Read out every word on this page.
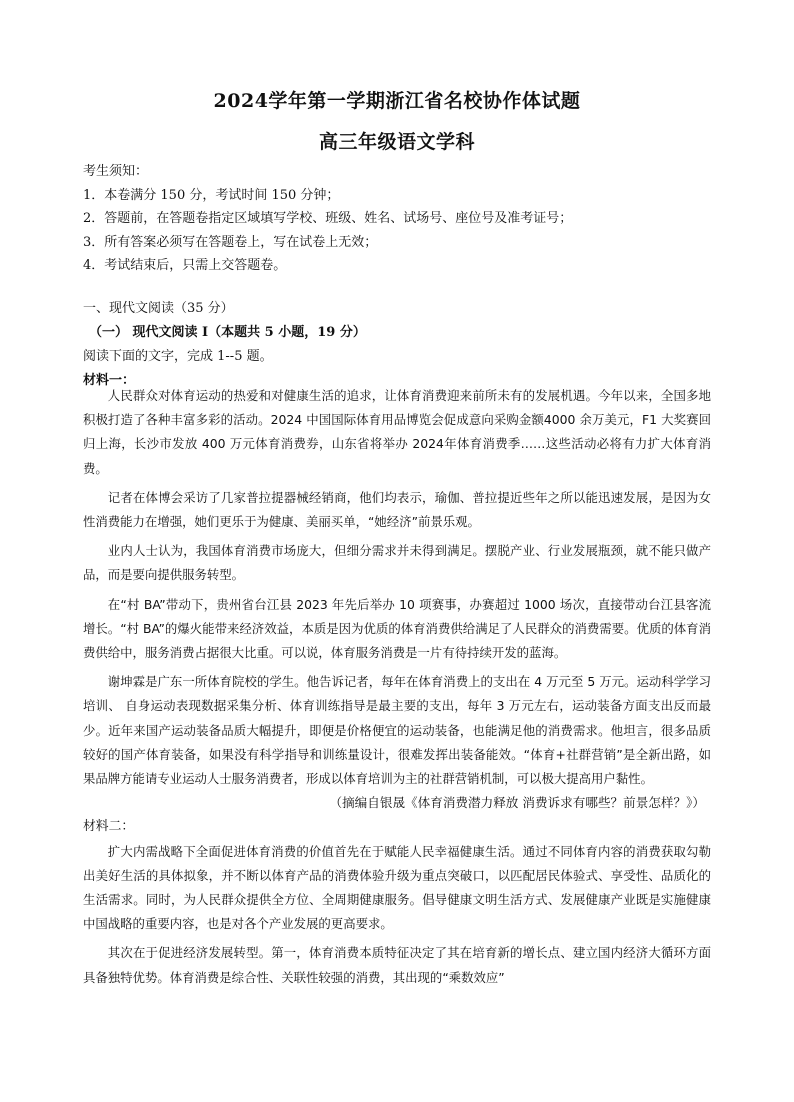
2024学年第一学期浙江省名校协作体试题
高三年级语文学科
考生须知：
1．本卷满分 150 分，考试时间 150 分钟；
2．答题前，在答题卷指定区域填写学校、班级、姓名、试场号、座位号及准考证号；
3．所有答案必须写在答题卷上，写在试卷上无效；
4．考试结束后，只需上交答题卷。
一、现代文阅读（35 分）
（一） 现代文阅读 Ⅰ（本题共 5 小题，19 分）
阅读下面的文字，完成 1--5 题。
材料一：

人民群众对体育运动的热爱和对健康生活的追求，让体育消费迎来前所未有的发展机遇。今年以来，全国多地积极打造了各种丰富多彩的活动。2024 中国国际体育用品博览会促成意向采购金额4000 余万美元，F1 大奖赛回归上海，长沙市发放 400 万元体育消费券，山东省将举办 2024年体育消费季……这些活动必将有力扩大体育消费。

记者在体博会采访了几家普拉提器械经销商，他们均表示，瑜伽、普拉提近些年之所以能迅速发展，是因为女性消费能力在增强，她们更乐于为健康、美丽买单，“她经济”前景乐观。

业内人士认为，我国体育消费市场庞大，但细分需求并未得到满足。摆脱产业、行业发展瓶颈，就不能只做产品，而是要向提供服务转型。

在“村 BA”带动下，贵州省台江县 2023 年先后举办 10 项赛事，办赛超过 1000 场次，直接带动台江县客流增长。“村 BA”的爆火能带来经济效益，本质是因为优质的体育消费供给满足了人民群众的消费需要。优质的体育消费供给中，服务消费占据很大比重。可以说，体育服务消费是一片有待持续开发的蓝海。

谢坤霖是广东一所体育院校的学生。他告诉记者，每年在体育消费上的支出在 4 万元至 5 万元。运动科学学习培训、 自身运动表现数据采集分析、体育训练指导是最主要的支出，每年 3 万元左右，运动装备方面支出反而最少。近年来国产运动装备品质大幅提升，即便是价格便宜的运动装备，也能满足他的消费需求。他坦言，很多品质较好的国产体育装备，如果没有科学指导和训练量设计，很难发挥出装备能效。“体育+社群营销”是全新出路，如果品牌方能请专业运动人士服务消费者，形成以体育培训为主的社群营销机制，可以极大提高用户黏性。

（摘编自银晟《体育消费潜力释放 消费诉求有哪些？前景怎样？》）

材料二：

扩大内需战略下全面促进体育消费的价值首先在于赋能人民幸福健康生活。通过不同体育内容的消费获取勾勒出美好生活的具体拟象，并不断以体育产品的消费体验升级为重点突破口，以匹配居民体验式、享受性、品质化的生活需求。同时，为人民群众提供全方位、全周期健康服务。倡导健康文明生活方式、发展健康产业既是实施健康中国战略的重要内容，也是对各个产业发展的更高要求。

其次在于促进经济发展转型。第一，体育消费本质特征决定了其在培育新的增长点、建立国内经济大循环方面具备独特优势。体育消费是综合性、关联性较强的消费，其出现的“乘数效应”
